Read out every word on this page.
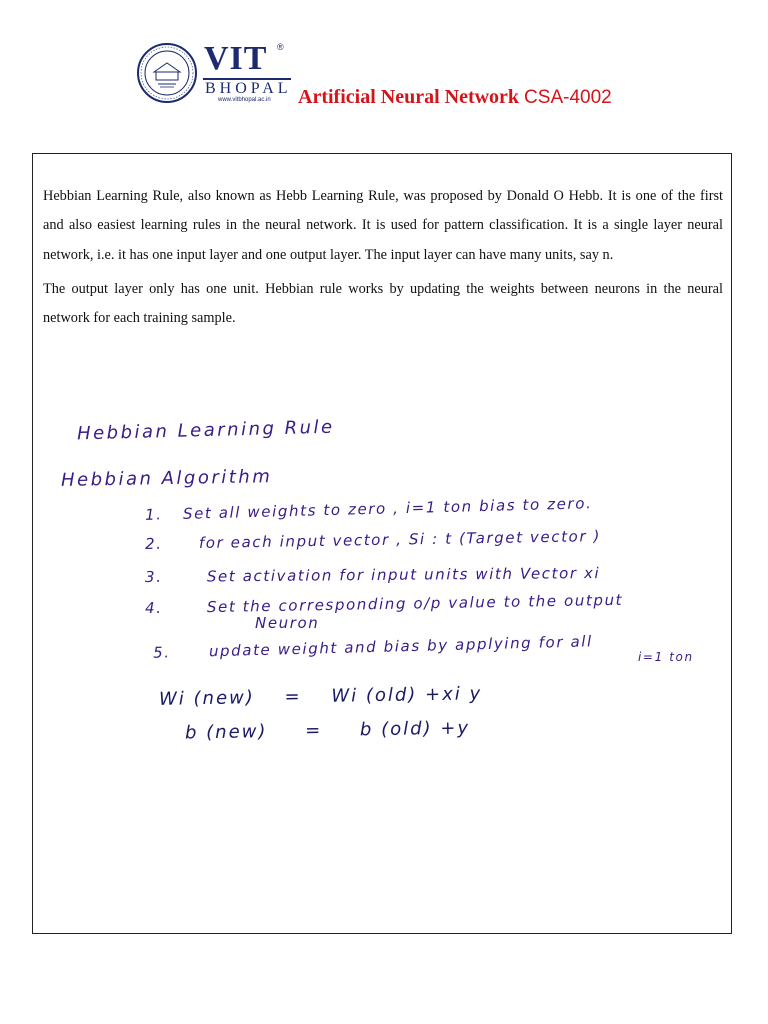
VIT ®
BHOPAL
www.vitbhopal.ac.in Artificial Neural Network CSA-4002

Hebbian Learning Rule, also known as Hebb Learning Rule, was proposed by Donald O Hebb. It is one of the first and also easiest learning rules in the neural network. It is used for pattern classification. It is a single layer neural network, i.e. it has one input layer and one output layer. The input layer can have many units, say n.

The output layer only has one unit. Hebbian rule works by updating the weights between neurons in the neural network for each training sample.

Hebbian Learning Rule
Hebbian Algorithm
1. Set all weights to zero , i=1 ton bias to zero.
2. for each input vector , Si : t (Target vector )
3.	Set activation for input units with Vector xi
4.	Set the corresponding o/p value to the output
Neuron
5.	update weight and bias by applying for all	i=1 ton
Wi (new) = Wi (old) +xi y
b (new) = b (old) +y
